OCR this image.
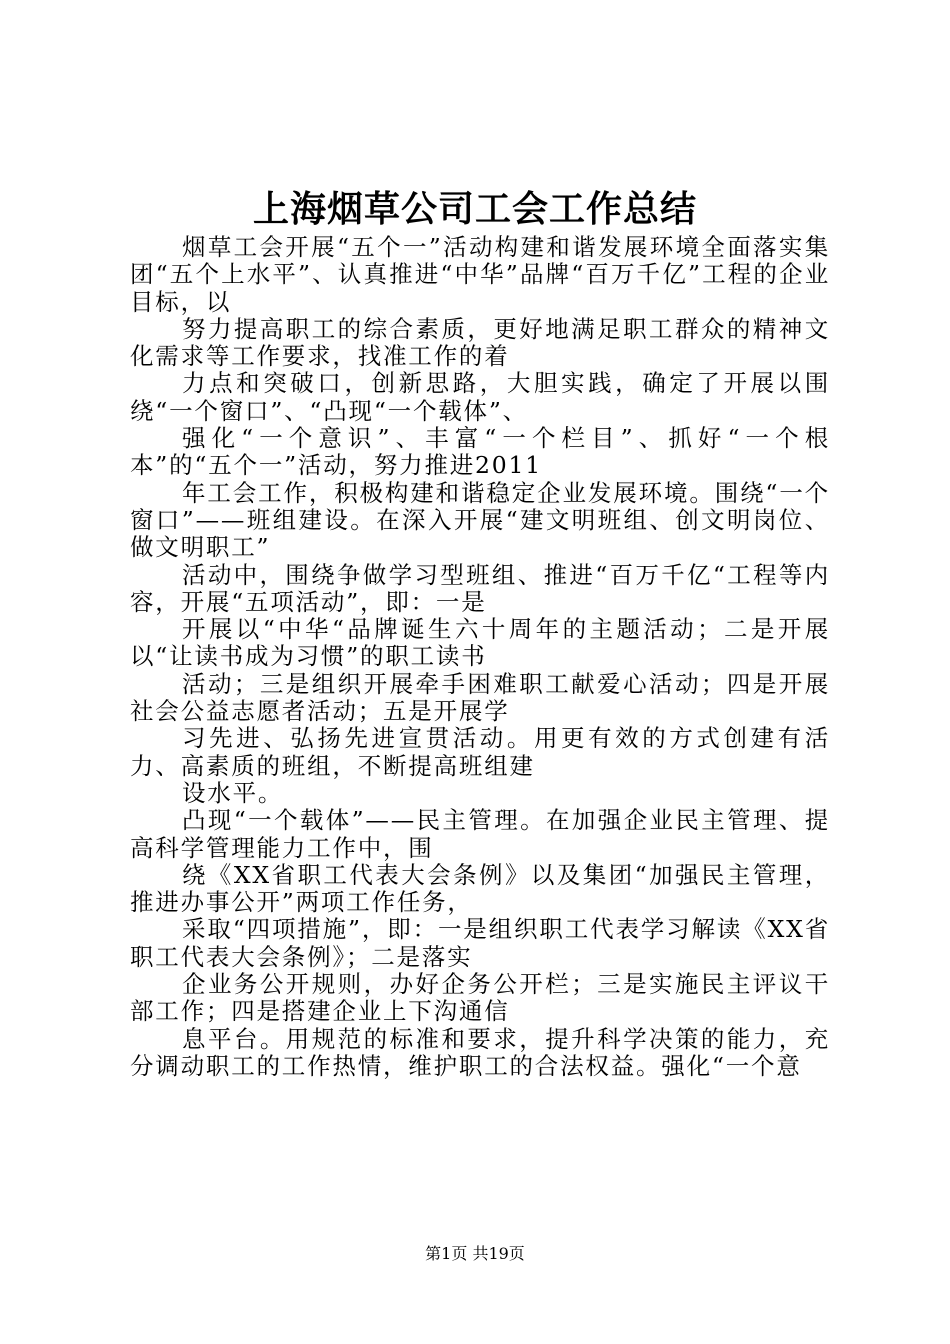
上海烟草公司工会工作总结

烟草工会开展“五个一”活动构建和谐发展环境全面落实集团“五个上水平”、认真推进“中华”品牌“百万千亿”工程的企业目标，以

努力提高职工的综合素质，更好地满足职工群众的精神文化需求等工作要求，找准工作的着

力点和突破口，创新思路，大胆实践，确定了开展以围绕“一个窗口”、“凸现“一个载体”、

强化“一个意识”、丰富“一个栏目”、抓好“一个根本”的“五个一”活动，努力推进2011

年工会工作，积极构建和谐稳定企业发展环境。围绕“一个窗口”——班组建设。在深入开展“建文明班组、创文明岗位、做文明职工”

活动中，围绕争做学习型班组、推进“百万千亿“工程等内容，开展“五项活动”，即：一是

开展以“中华“品牌诞生六十周年的主题活动；二是开展以“让读书成为习惯”的职工读书

活动；三是组织开展牵手困难职工献爱心活动；四是开展社会公益志愿者活动；五是开展学

习先进、弘扬先进宣贯活动。用更有效的方式创建有活力、高素质的班组，不断提高班组建

设水平。

凸现“一个载体”——民主管理。在加强企业民主管理、提高科学管理能力工作中，围

绕《XX省职工代表大会条例》以及集团“加强民主管理，推进办事公开”两项工作任务，

采取“四项措施”，即：一是组织职工代表学习解读《XX省职工代表大会条例》；二是落实

企业务公开规则，办好企务公开栏；三是实施民主评议干部工作；四是搭建企业上下沟通信

息平台。用规范的标准和要求，提升科学决策的能力，充分调动职工的工作热情，维护职工的合法权益。强化“一个意

第1页 共19页
